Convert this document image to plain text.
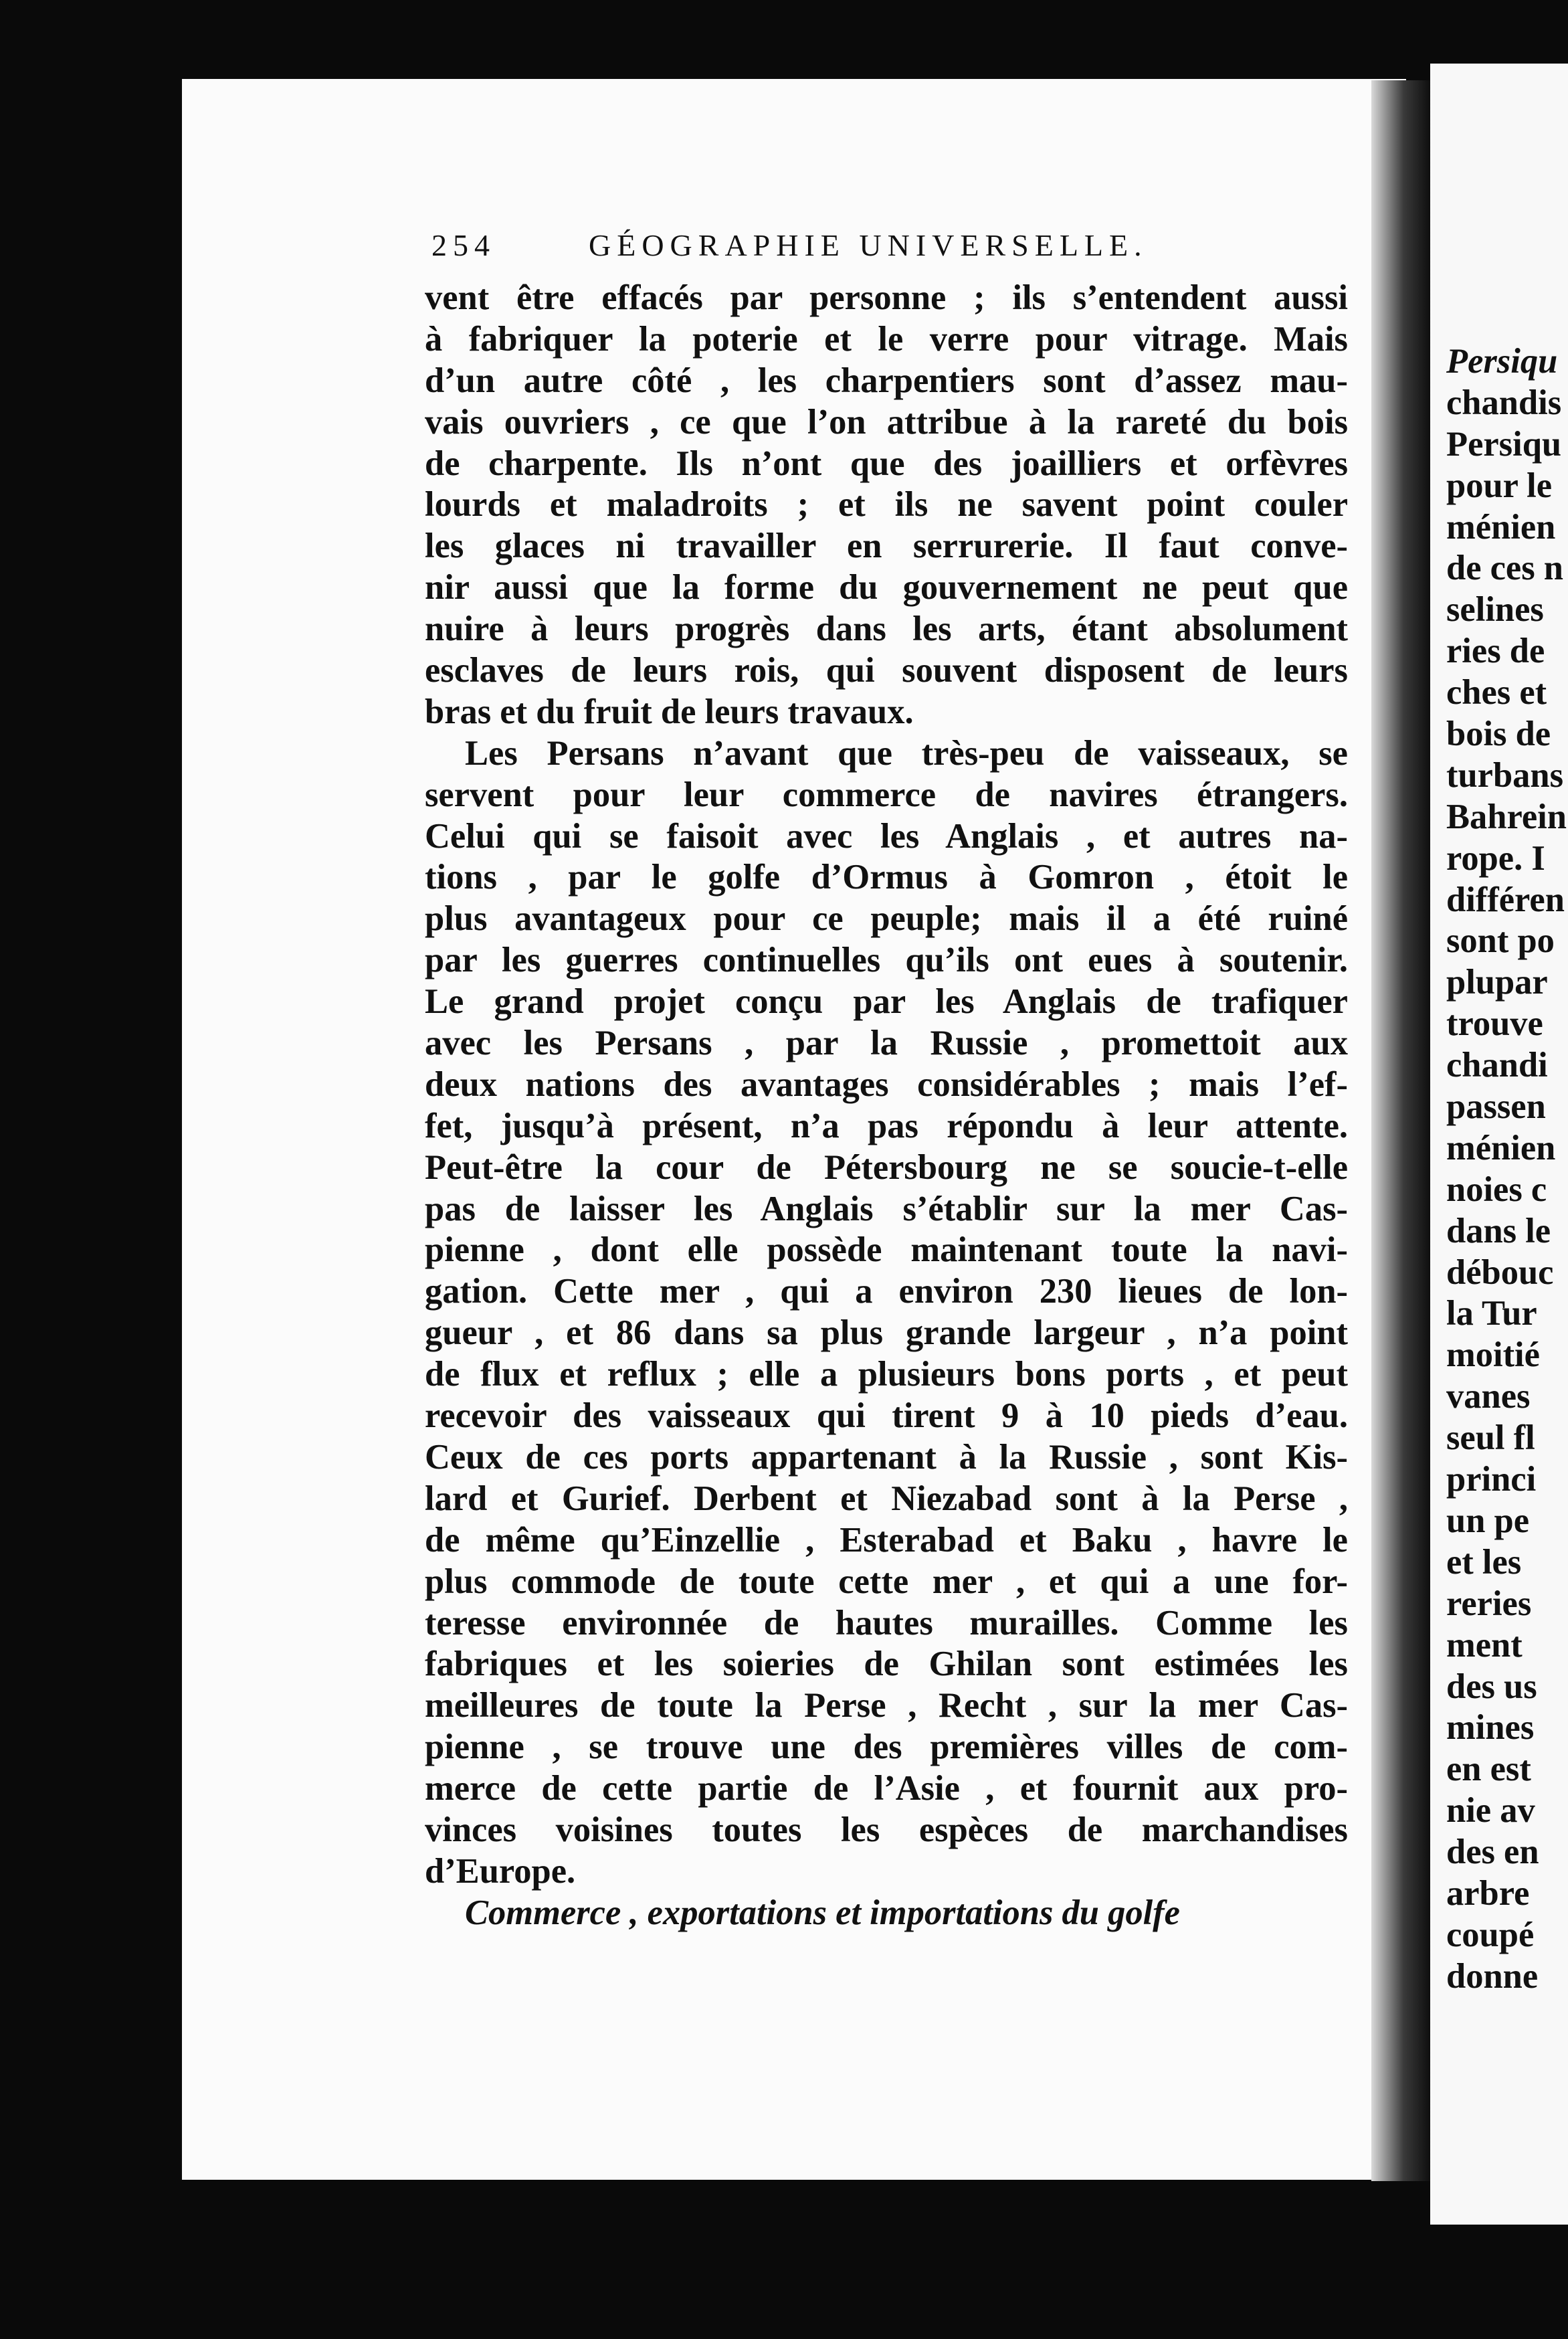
Persiqu
chandis
Persiqu
pour le
ménien
de ces n
selines
ries de
ches et
bois de
turbans
Bahrein
rope. I
différen
sont po
plupar
trouve
chandi
passen
ménien
noies c
dans le
débouc
la Tur
moitié
vanes
seul fl
princi
un pe
et les
reries
ment
des us
mines
en est
nie av
des en
arbre
coupé
donne
254	GÉOGRAPHIE UNIVERSELLE.
vent être effacés par personne ; ils s’entendent aussi
à fabriquer la poterie et le verre pour vitrage. Mais
d’un autre côté , les charpentiers sont d’assez mau-
vais ouvriers , ce que l’on attribue à la rareté du bois
de charpente. Ils n’ont que des joailliers et orfèvres
lourds et maladroits ; et ils ne savent point couler
les glaces ni travailler en serrurerie. Il faut conve-
nir aussi que la forme du gouvernement ne peut que
nuire à leurs progrès dans les arts, étant absolument
esclaves de leurs rois, qui souvent disposent de leurs
bras et du fruit de leurs travaux.
Les Persans n’avant que très-peu de vaisseaux, se
servent pour leur commerce de navires étrangers.
Celui qui se faisoit avec les Anglais , et autres na-
tions , par le golfe d’Ormus à Gomron , étoit le
plus avantageux pour ce peuple; mais il a été ruiné
par les guerres continuelles qu’ils ont eues à soutenir.
Le grand projet conçu par les Anglais de trafiquer
avec les Persans , par la Russie , promettoit aux
deux nations des avantages considérables ; mais l’ef-
fet, jusqu’à présent, n’a pas répondu à leur attente.
Peut-être la cour de Pétersbourg ne se soucie-t-elle
pas de laisser les Anglais s’établir sur la mer Cas-
pienne , dont elle possède maintenant toute la navi-
gation. Cette mer , qui a environ 230 lieues de lon-
gueur , et 86 dans sa plus grande largeur , n’a point
de flux et reflux ; elle a plusieurs bons ports , et peut
recevoir des vaisseaux qui tirent 9 à 10 pieds d’eau.
Ceux de ces ports appartenant à la Russie , sont Kis-
lard et Gurief. Derbent et Niezabad sont à la Perse ,
de même qu’Einzellie , Esterabad et Baku , havre le
plus commode de toute cette mer , et qui a une for-
teresse environnée de hautes murailles. Comme les
fabriques et les soieries de Ghilan sont estimées les
meilleures de toute la Perse , Recht , sur la mer Cas-
pienne , se trouve une des premières villes de com-
merce de cette partie de l’Asie , et fournit aux pro-
vinces voisines toutes les espèces de marchandises
d’Europe.
Commerce , exportations et importations du golfe
